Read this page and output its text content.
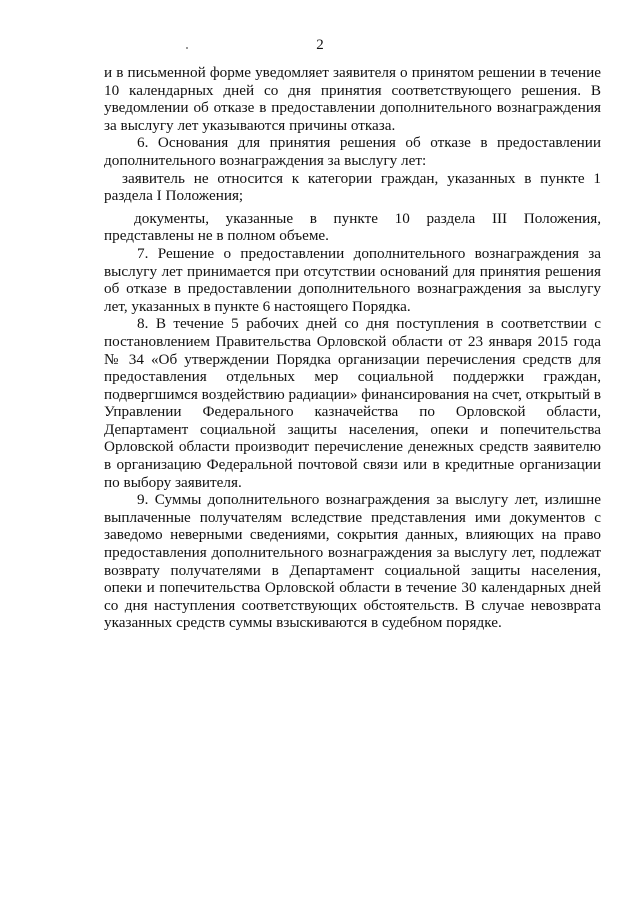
2

и в письменной форме уведомляет заявителя о принятом решении в течение 10 календарных дней со дня принятия соответствующего решения. В уведомлении об отказе в предоставлении дополнительного вознаграждения за выслугу лет указываются причины отказа.

6. Основания для принятия решения об отказе в предоставлении дополнительного вознаграждения за выслугу лет:

заявитель не относится к категории граждан, указанных в пункте 1 раздела I Положения;

документы, указанные в пункте 10 раздела III Положения, представлены не в полном объеме.

7. Решение о предоставлении дополнительного вознаграждения за выслугу лет принимается при отсутствии оснований для принятия решения об отказе в предоставлении дополнительного вознаграждения за выслугу лет, указанных в пункте 6 настоящего Порядка.

8. В течение 5 рабочих дней со дня поступления в соответствии с постановлением Правительства Орловской области от 23 января 2015 года № 34 «Об утверждении Порядка организации перечисления средств для предоставления отдельных мер социальной поддержки граждан, подвергшимся воздействию радиации» финансирования на счет, открытый в Управлении Федерального казначейства по Орловской области, Департамент социальной защиты населения, опеки и попечительства Орловской области производит перечисление денежных средств заявителю в организацию Федеральной почтовой связи или в кредитные организации по выбору заявителя.

9. Суммы дополнительного вознаграждения за выслугу лет, излишне выплаченные получателям вследствие представления ими документов с заведомо неверными сведениями, сокрытия данных, влияющих на право предоставления дополнительного вознаграждения за выслугу лет, подлежат возврату получателями в Департамент социальной защиты населения, опеки и попечительства Орловской области в течение 30 календарных дней со дня наступления соответствующих обстоятельств. В случае невозврата указанных средств суммы взыскиваются в судебном порядке.
